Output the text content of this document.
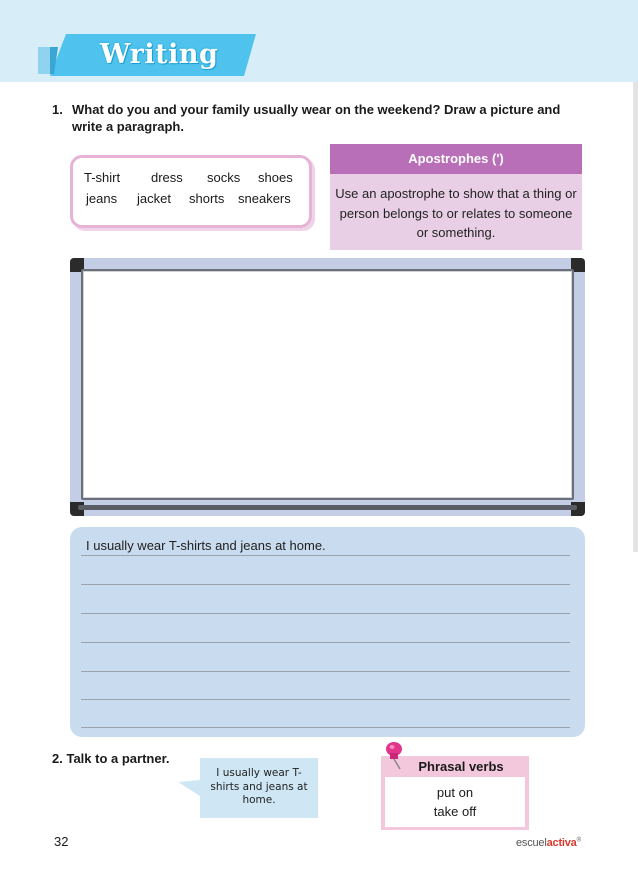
Writing
1. What do you and your family usually wear on the weekend? Draw a picture and write a paragraph.
T-shirt dress socks shoes
jeans jacket shorts sneakers
Apostrophes (')
Use an apostrophe to show that a thing or person belongs to or relates to someone or something.
I usually wear T-shirts and jeans at home.
2. Talk to a partner.
I usually wear T-shirts and jeans at home.
Phrasal verbs
put on
take off
32	escuelactiva®
